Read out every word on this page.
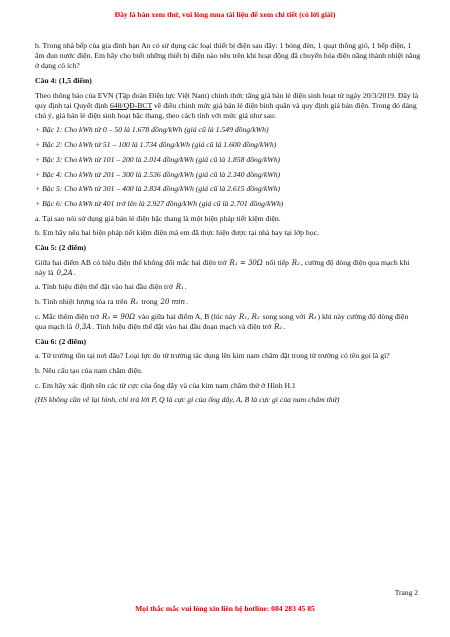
Đây là bản xem thử, vui lòng mua tài liệu để xem chi tiết (có lời giải)

b. Trong nhà bếp của gia đình bạn An có sử dụng các loại thiết bị điện sau đây: 1 bóng đèn, 1 quạt thông gió, 1 bếp điện, 1 ấm đun nước điện. Em hãy cho biết những thiết bị điện nào nêu trên khi hoạt động đã chuyển hóa điện năng thành nhiệt năng ở dạng có ích?

Câu 4: (1,5 điểm)

Theo thông báo của EVN (Tập đoàn Điện lực Việt Nam) chính thức tăng giá bán lẻ điện sinh hoạt từ ngày 20/3/2019. Đây là quy định tại Quyết định 648/QĐ-BCT về điều chỉnh mức giá bán lẻ điện bình quân và quy định giá bán điện. Trong đó đáng chú ý, giá bán lẻ điện sinh hoạt bậc thang, theo cách tính với mức giá như sau:

+ Bậc 1: Cho kWh từ 0 – 50 là 1.678 đồng/kWh (giá cũ là 1.549 đồng/kWh)

+ Bậc 2: Cho kWh từ 51 – 100 là 1.734 đồng/kWh (giá cũ là 1.600 đồng/kWh)

+ Bậc 3: Cho kWh từ 101 – 200 là 2.014 đồng/kWh (giá cũ là 1.858 đồng/kWh)

+ Bậc 4: Cho kWh từ 201 – 300 là 2.536 đồng/kWh (giá cũ là 2.340 đồng/kWh)

+ Bậc 5: Cho kWh từ 301 – 400 là 2.834 đồng/kWh (giá cũ là 2.615 đồng/kWh)

+ Bậc 6: Cho kWh từ 401 trở lên là 2.927 đồng/kWh (giá cũ là 2.701 đồng/kWh)

a. Tại sao nói sử dụng giá bán lẻ điện bậc thang là một biện pháp tiết kiệm điện.

b. Em hãy nêu hai biện pháp tiết kiệm điện mà em đã thực hiện được tại nhà hay tại lớp học.

Câu 5: (2 điểm)

Giữa hai điểm AB có hiệu điện thế không đổi mắc hai điện trở R₁ = 30Ω nối tiếp R₂, cường độ dòng điện qua mạch khi này là 0,2A.

a. Tính hiệu điện thế đặt vào hai đầu điện trở R₁.

b. Tính nhiệt lượng tỏa ra trên R₁ trong 20 min.

c. Mắc thêm điện trở R₃ = 90Ω vào giữa hai điểm A, B (lúc này R₁, R₂ song song với R₃) khi này cường độ dòng điện qua mạch là 0,3A. Tính hiệu điện thế đặt vào hai đầu đoạn mạch và điện trở R₂.

Câu 6: (2 điểm)

a. Từ trường tồn tại nơi đâu? Loại lực do từ trường tác dụng lên kim nam châm đặt trong từ trường có tên gọi là gì?

b. Nêu cấu tạo của nam châm điện.

c. Em hãy xác định tên các từ cực của ống dây và của kim nam châm thử ở Hình H.1

(HS không cần vẽ lại hình, chỉ trả lời P, Q là cực gì của ống dây, A, B là cực gì của nam châm thử)

Trang 2
Mọi thắc mắc vui lòng xin liên hệ hotline: 084 283 45 85
